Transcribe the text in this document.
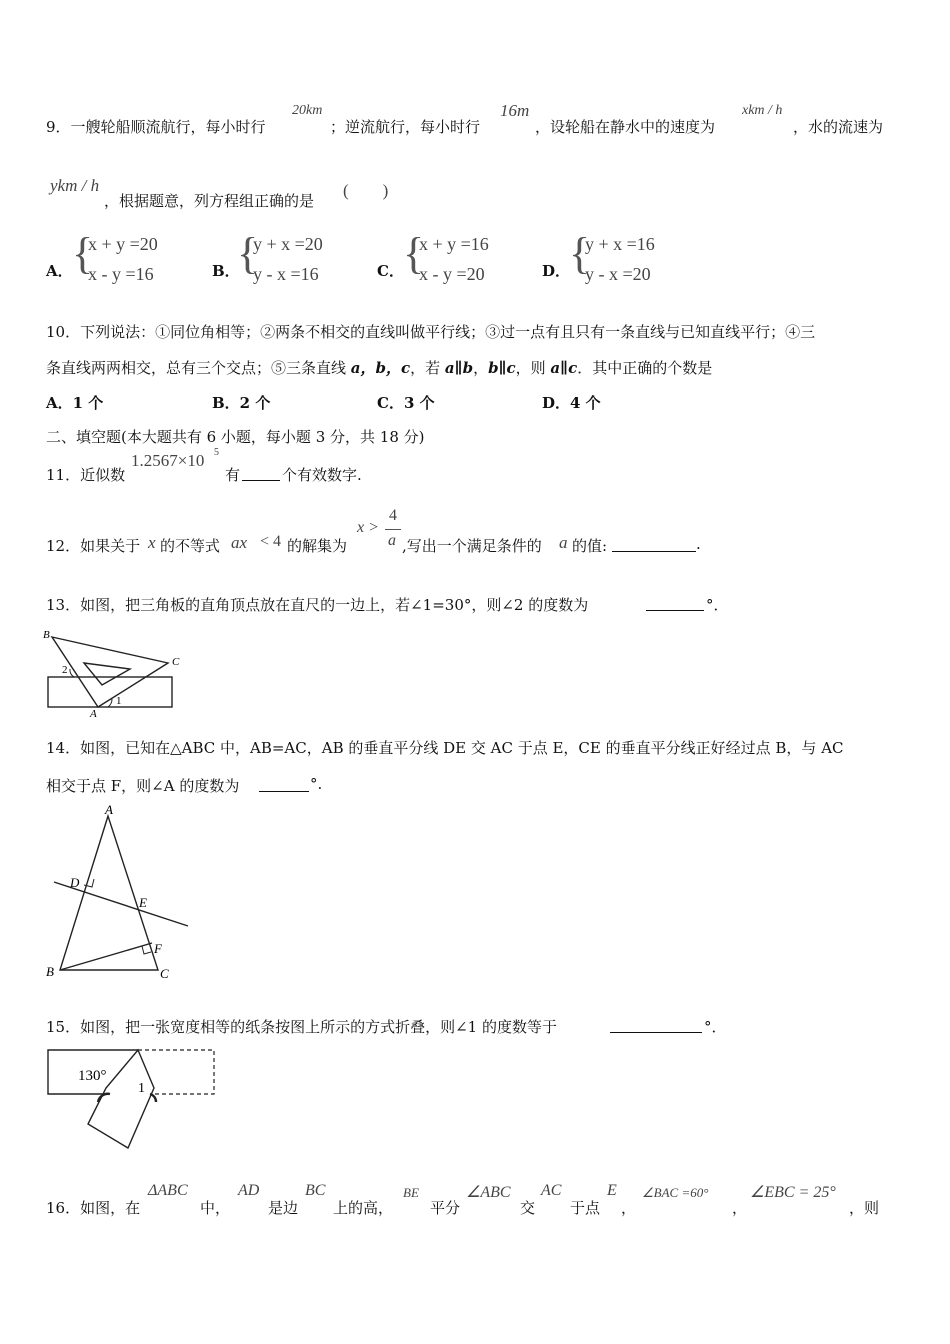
9．一艘轮船顺流航行，每小时行
20km
；逆流航行，每小时行
16m
，设轮船在静水中的速度为
xkm / h
，水的流速为
ykm / h
，根据题意，列方程组正确的是
(　　)
A． {
x + y =20
x - y =16	B．
{
y + x =20
y - x =16	C． {
x + y =16
x - y =20	D．
{
y + x =16
y - x =20
10．下列说法：①同位角相等；②两条不相交的直线叫做平行线；③过一点有且只有一条直线与已知直线平行；④三
条直线两两相交，总有三个交点；⑤三条直线 a，b，c，若 a∥b，b∥c，则 a∥c．其中正确的个数是
A．1 个	B．2 个	C．3 个	D．4 个
二、填空题(本大题共有 6 小题，每小题 3 分，共 18 分)
11．近似数
1.2567×10 5
有	个有效数字.
12．如果关于 x 的不等式 ax < 4 的解集为
x >
4
a ,写出一个满足条件的 a 的值:	.
13．如图，把三角板的直角顶点放在直尺的一边上，若∠1=30°，则∠2 的度数为	°．
B
C
A
2
1
14．如图，已知在△ABC 中，AB=AC，AB 的垂直平分线 DE 交 AC 于点 E，CE 的垂直平分线正好经过点 B，与 AC
相交于点 F，则∠A 的度数为	°.
A
D
E
F
B	C
15．如图，把一张宽度相等的纸条按图上所示的方式折叠，则∠1 的度数等于	°．
130°
1
16．如图，在
ΔABC
中，
AD
是边
BC
上的高，
BE
平分
∠ABC
交
AC
于点
E
，
∠BAC =60°
，
∠EBC = 25°
，则
